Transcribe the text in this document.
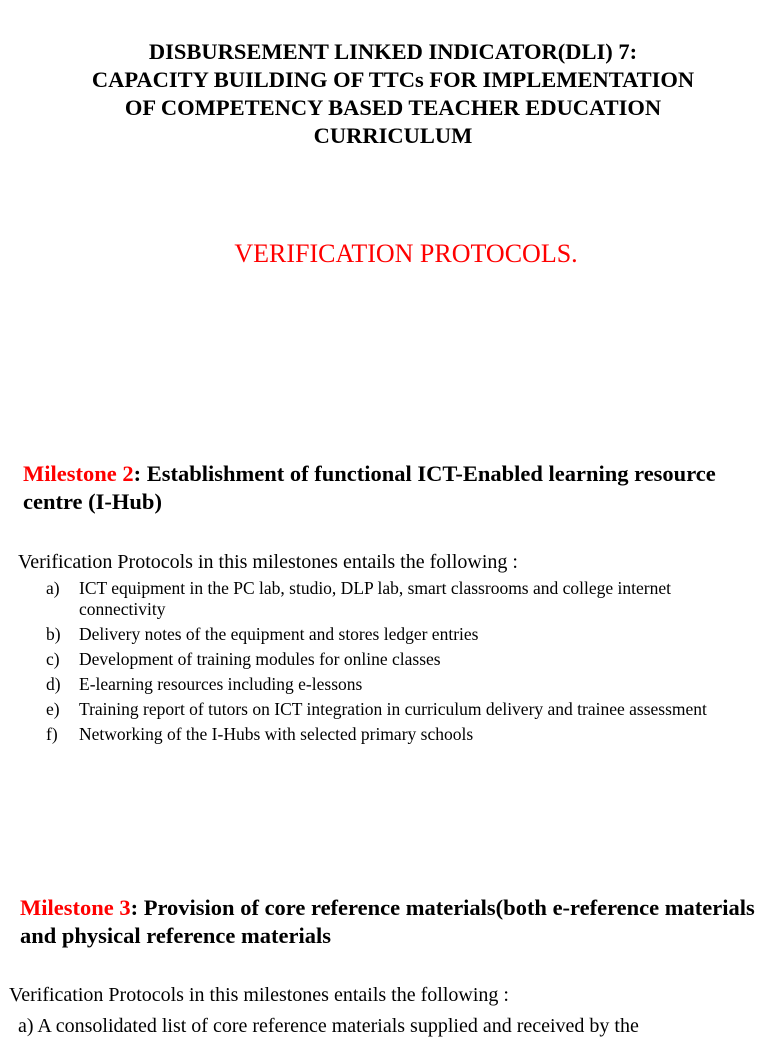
DISBURSEMENT LINKED INDICATOR(DLI) 7:
CAPACITY BUILDING OF TTCs FOR IMPLEMENTATION
OF COMPETENCY BASED TEACHER EDUCATION
CURRICULUM
VERIFICATION PROTOCOLS.
Milestone 2: Establishment of functional ICT-Enabled learning resource centre (I-Hub)

Verification Protocols in this milestones entails the following :

a) ICT equipment in the PC lab, studio, DLP lab, smart classrooms and college internet connectivity
b) Delivery notes of the equipment and stores ledger entries
c) Development of training modules for online classes
d) E-learning resources including e-lessons
e) Training report of tutors on ICT integration in curriculum delivery and trainee assessment
f) Networking of the I-Hubs with selected primary schools
Milestone 3: Provision of core reference materials(both e-reference materials and physical reference materials

Verification Protocols in this milestones entails the following :

a) A consolidated list of core reference materials supplied and received by the
